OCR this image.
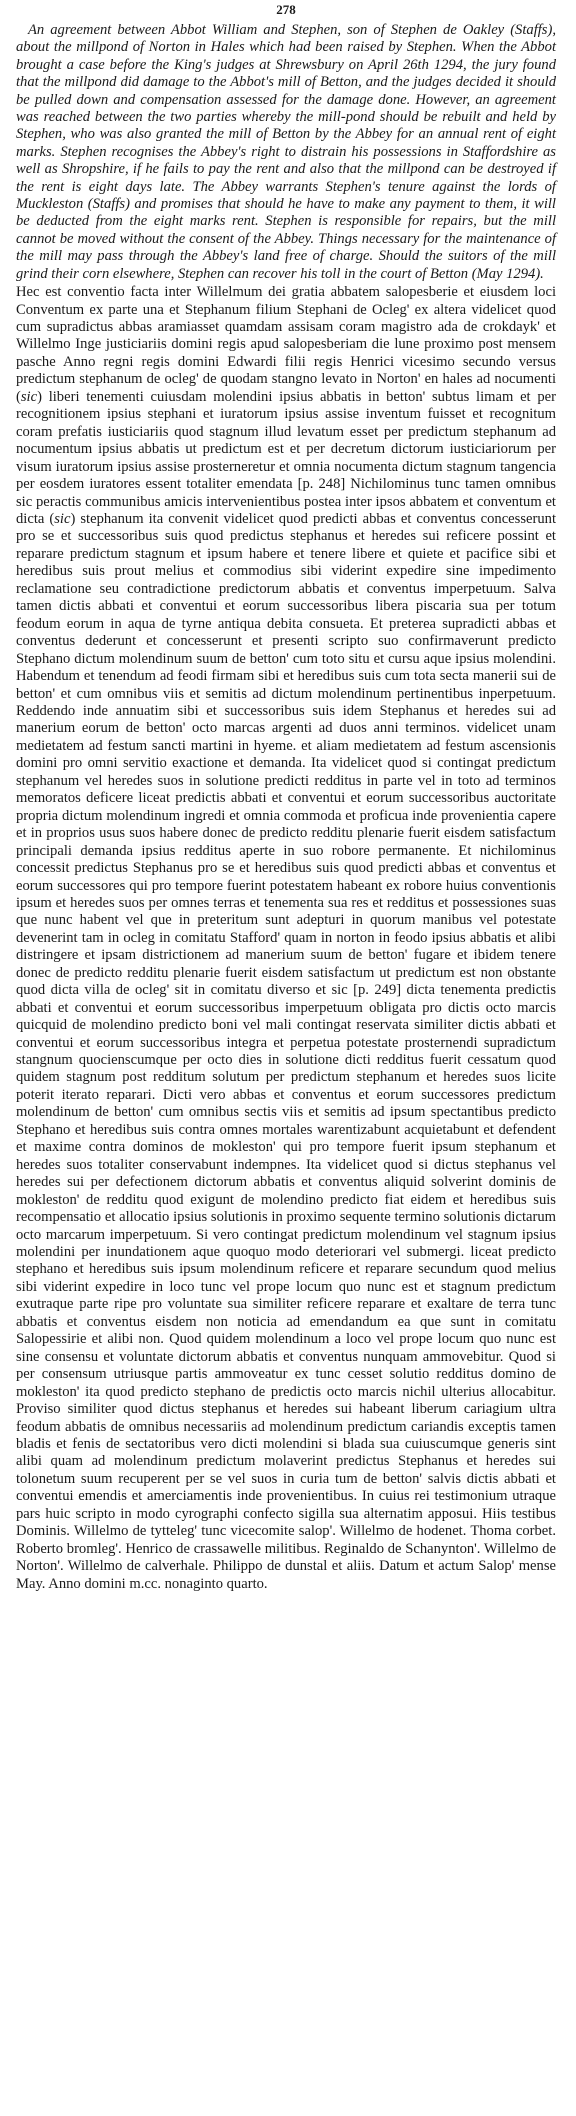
278

An agreement between Abbot William and Stephen, son of Stephen de Oakley (Staffs), about the millpond of Norton in Hales which had been raised by Stephen. When the Abbot brought a case before the King's judges at Shrewsbury on April 26th 1294, the jury found that the millpond did damage to the Abbot's mill of Betton, and the judges decided it should be pulled down and compensation assessed for the damage done. However, an agreement was reached between the two parties whereby the mill-pond should be rebuilt and held by Stephen, who was also granted the mill of Betton by the Abbey for an annual rent of eight marks. Stephen recognises the Abbey's right to distrain his possessions in Staffordshire as well as Shropshire, if he fails to pay the rent and also that the millpond can be destroyed if the rent is eight days late. The Abbey warrants Stephen's tenure against the lords of Muckleston (Staffs) and promises that should he have to make any payment to them, it will be deducted from the eight marks rent. Stephen is responsible for repairs, but the mill cannot be moved without the consent of the Abbey. Things necessary for the maintenance of the mill may pass through the Abbey's land free of charge. Should the suitors of the mill grind their corn elsewhere, Stephen can recover his toll in the court of Betton (May 1294).

Hec est conventio facta inter Willelmum dei gratia abbatem salopesberie et eiusdem loci Conventum ex parte una et Stephanum filium Stephani de Ocleg' ex altera videlicet quod cum supradictus abbas aramiasset quamdam assisam coram magistro ada de crokdayk' et Willelmo Inge justiciariis domini regis apud salopesberiam die lune proximo post mensem pasche Anno regni regis domini Edwardi filii regis Henrici vicesimo secundo versus predictum stephanum de ocleg' de quodam stangno levato in Norton' en hales ad nocumenti (sic) liberi tenementi cuiusdam molendini ipsius abbatis in betton' subtus limam et per recognitionem ipsius stephani et iuratorum ipsius assise inventum fuisset et recognitum coram prefatis iusticiariis quod stagnum illud levatum esset per predictum stephanum ad nocumentum ipsius abbatis ut predictum est et per decretum dictorum iusticiariorum per visum iuratorum ipsius assise prosterneretur et omnia nocumenta dictum stagnum tangencia per eosdem iuratores essent totaliter emendata [p. 248] Nichilominus tunc tamen omnibus sic peractis communibus amicis intervenientibus postea inter ipsos abbatem et conventum et dicta (sic) stephanum ita convenit videlicet quod predicti abbas et conventus concesserunt pro se et successoribus suis quod predictus stephanus et heredes sui reficere possint et reparare predictum stagnum et ipsum habere et tenere libere et quiete et pacifice sibi et heredibus suis prout melius et commodius sibi viderint expedire sine impedimento reclamatione seu contradictione predictorum abbatis et conventus imperpetuum. Salva tamen dictis abbati et conventui et eorum successoribus libera piscaria sua per totum feodum eorum in aqua de tyrne antiqua debita consueta. Et preterea supradicti abbas et conventus dederunt et concesserunt et presenti scripto suo confirmaverunt predicto Stephano dictum molendinum suum de betton' cum toto situ et cursu aque ipsius molendini. Habendum et tenendum ad feodi firmam sibi et heredibus suis cum tota secta manerii sui de betton' et cum omnibus viis et semitis ad dictum molendinum pertinentibus inperpetuum. Reddendo inde annuatim sibi et successoribus suis idem Stephanus et heredes sui ad manerium eorum de betton' octo marcas argenti ad duos anni terminos. videlicet unam medietatem ad festum sancti martini in hyeme. et aliam medietatem ad festum ascensionis domini pro omni servitio exactione et demanda. Ita videlicet quod si contingat predictum stephanum vel heredes suos in solutione predicti redditus in parte vel in toto ad terminos memoratos deficere liceat predictis abbati et conventui et eorum successoribus auctoritate propria dictum molendinum ingredi et omnia commoda et proficua inde provenientia capere et in proprios usus suos habere donec de predicto redditu plenarie fuerit eisdem satisfactum principali demanda ipsius redditus aperte in suo robore permanente. Et nichilominus concessit predictus Stephanus pro se et heredibus suis quod predicti abbas et conventus et eorum successores qui pro tempore fuerint potestatem habeant ex robore huius conventionis ipsum et heredes suos per omnes terras et tenementa sua res et redditus et possessiones suas que nunc habent vel que in preteritum sunt adepturi in quorum manibus vel potestate devenerint tam in ocleg in comitatu Stafford' quam in norton in feodo ipsius abbatis et alibi distringere et ipsam districtionem ad manerium suum de betton' fugare et ibidem tenere donec de predicto redditu plenarie fuerit eisdem satisfactum ut predictum est non obstante quod dicta villa de ocleg' sit in comitatu diverso et sic [p. 249] dicta tenementa predictis abbati et conventui et eorum successoribus imperpetuum obligata pro dictis octo marcis quicquid de molendino predicto boni vel mali contingat reservata similiter dictis abbati et conventui et eorum successoribus integra et perpetua potestate prosternendi supradictum stangnum quocienscumque per octo dies in solutione dicti redditus fuerit cessatum quod quidem stagnum post redditum solutum per predictum stephanum et heredes suos licite poterit iterato reparari. Dicti vero abbas et conventus et eorum successores predictum molendinum de betton' cum omnibus sectis viis et semitis ad ipsum spectantibus predicto Stephano et heredibus suis contra omnes mortales warentizabunt acquietabunt et defendent et maxime contra dominos de mokleston' qui pro tempore fuerit ipsum stephanum et heredes suos totaliter conservabunt indempnes. Ita videlicet quod si dictus stephanus vel heredes sui per defectionem dictorum abbatis et conventus aliquid solverint dominis de mokleston' de redditu quod exigunt de molendino predicto fiat eidem et heredibus suis recompensatio et allocatio ipsius solutionis in proximo sequente termino solutionis dictarum octo marcarum imperpetuum. Si vero contingat predictum molendinum vel stagnum ipsius molendini per inundationem aque quoquo modo deteriorari vel submergi. liceat predicto stephano et heredibus suis ipsum molendinum reficere et reparare secundum quod melius sibi viderint expedire in loco tunc vel prope locum quo nunc est et stagnum predictum exutraque parte ripe pro voluntate sua similiter reficere reparare et exaltare de terra tunc abbatis et conventus eisdem non noticia ad emendandum ea que sunt in comitatu Salopessirie et alibi non. Quod quidem molendinum a loco vel prope locum quo nunc est sine consensu et voluntate dictorum abbatis et conventus nunquam ammovebitur. Quod si per consensum utriusque partis ammoveatur ex tunc cesset solutio redditus domino de mokleston' ita quod predicto stephano de predictis octo marcis nichil ulterius allocabitur. Proviso similiter quod dictus stephanus et heredes sui habeant liberum cariagium ultra feodum abbatis de omnibus necessariis ad molendinum predictum cariandis exceptis tamen bladis et fenis de sectatoribus vero dicti molendini si blada sua cuiuscumque generis sint alibi quam ad molendinum predictum molaverint predictus Stephanus et heredes sui tolonetum suum recuperent per se vel suos in curia tum de betton' salvis dictis abbati et conventui emendis et amerciamentis inde provenientibus. In cuius rei testimonium utraque pars huic scripto in modo cyrographi confecto sigilla sua alternatim apposui. Hiis testibus Dominis. Willelmo de tytteleg' tunc vicecomite salop'. Willelmo de hodenet. Thoma corbet. Roberto bromleg'. Henrico de crassawelle militibus. Reginaldo de Schanynton'. Willelmo de Norton'. Willelmo de calverhale. Philippo de dunstal et aliis. Datum et actum Salop' mense May. Anno domini m.cc. nonaginto quarto.
